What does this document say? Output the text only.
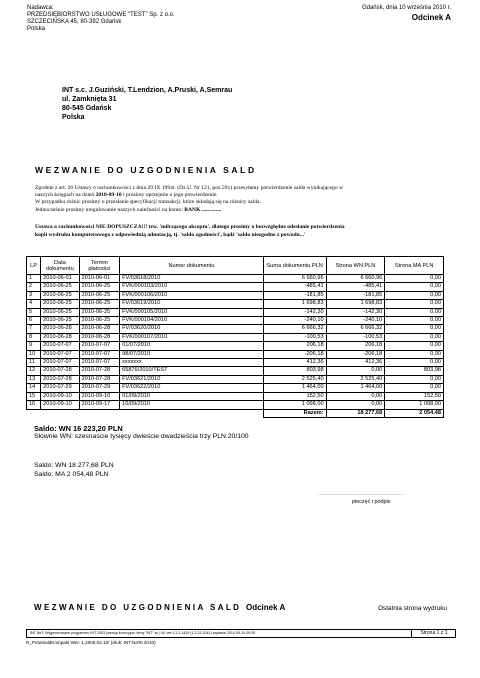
Nadawca:
PRZEDSIĘBIORSTWO USŁUGOWE "TEST" Sp. z o.o.
SZCZECIŃSKA 45, 80-392 Gdańsk
Polska
Gdańsk, dnia 10 września 2010 r.
Odcinek A
INT s.c. J.Guziński, T.Lendzion, A.Pruski, A.Semrau
ul. Zamknięta 31
80-545 Gdańsk
Polska
WEZWANIE DO UZGODNIENIA SALD
Zgodnie z art. 26 Ustawy o rachunkowości z dnia 29 IX 1994r. (Dz.U. Nr 121, poz.591) przesyłamy potwierdzenie salda wynikającego w
naszych księgach na dzień 2010-09-10 i prosimy uprzejmie o jego potwierdzenie.
W przypadku różnic prosimy o przesłanie specyfikacji transakcji, które składają się na różnicy salda.
Jednocześnie prosimy uregulowanie naszych należności na konto: BANK ..............
Ustawa o rachunkowości NIE DOPUSZCZA!!! tzw. 'milczącego akceptu', dlatego prosimy o bezwzględne odesłanie potwierdzenia
kopii wydruku komputerowego z odpowiednią adnotacją, tj. 'saldo zgodności', bądź 'saldo niezgodne z powodu...'
LP	Data dokumentu	Termin płatności	Numer dokumentu	Suma dokumentu PLN	Strona WN PLN	Strona MA PLN
1	2010-06-01	2010-06-01	FV/03618/2010	6 660,96	6 660,96	0,00
2	2010-06-25	2010-06-25	FVK/000103/2010	-485,41	-485,41	0,00
3	2010-06-25	2010-06-25	FVK/000106/2010	-181,85	-181,85	0,00
4	2010-06-25	2010-06-25	FV/03619/2010	1 698,83	1 698,83	0,00
5	2010-06-25	2010-06-25	FVK/000105/2010	-142,30	-142,30	0,00
6	2010-06-25	2010-06-25	FVK/000104/2010	-240,10	-240,10	0,00
7	2010-06-28	2010-06-28	FV/03620/2010	6 666,32	6 666,32	0,00
8	2010-06-28	2010-06-28	FVK/000107/2010	-100,53	-100,53	0,00
9	2010-07-07	2010-07-07	01/07/2010	206,18	206,18	0,00
10	2010-07-07	2010-07-07	98/07/2010	-206,18	-206,18	0,00
11	2010-07-07	2010-07-07	xxxxxxx	412,36	412,36	0,00
12	2010-07-28	2010-07-28	65876/2010/TEST	803,98	0,00	803,98
13	2010-07-28	2010-07-28	FV/03621/2010	2 525,40	2 525,40	0,00
14	2010-07-29	2010-07-29	FV/03622/2010	1 464,00	1 464,00	0,00
15	2010-09-10	2010-09-10	01/09/2010	152,50	0,00	152,50
16	2010-09-10	2010-09-17	10/09/2010	1 098,00	0,00	1 098,00
				Razem:	18 277,68	2 054,48
Saldo: WN 16 223,20 PLN
Słownie WN: szesnaście tysięcy dwieście dwadzieścia trzy PLN 20/100
Saldo: WN 18 277,68 PLN
Saldo: MA 2 054,48 PLN
......................................................
pieczęć i podpis
WEZWANIE DO UZGODNIENIA SALD Odcinek A	Ostatnia strona wydruku
INT NeT: Wygenerowane programem INT 2003 (wersja licencyjna: firmy "INT" sc.) W. ver.1.3.1.1439 (1.2.23.1041) wydanie 2010-09-10 09:30	Strona 1 z 1
R_PotwSaldKompakt Wer. 1.2006.02.10/ (druk: INT.NaTo 2010)
